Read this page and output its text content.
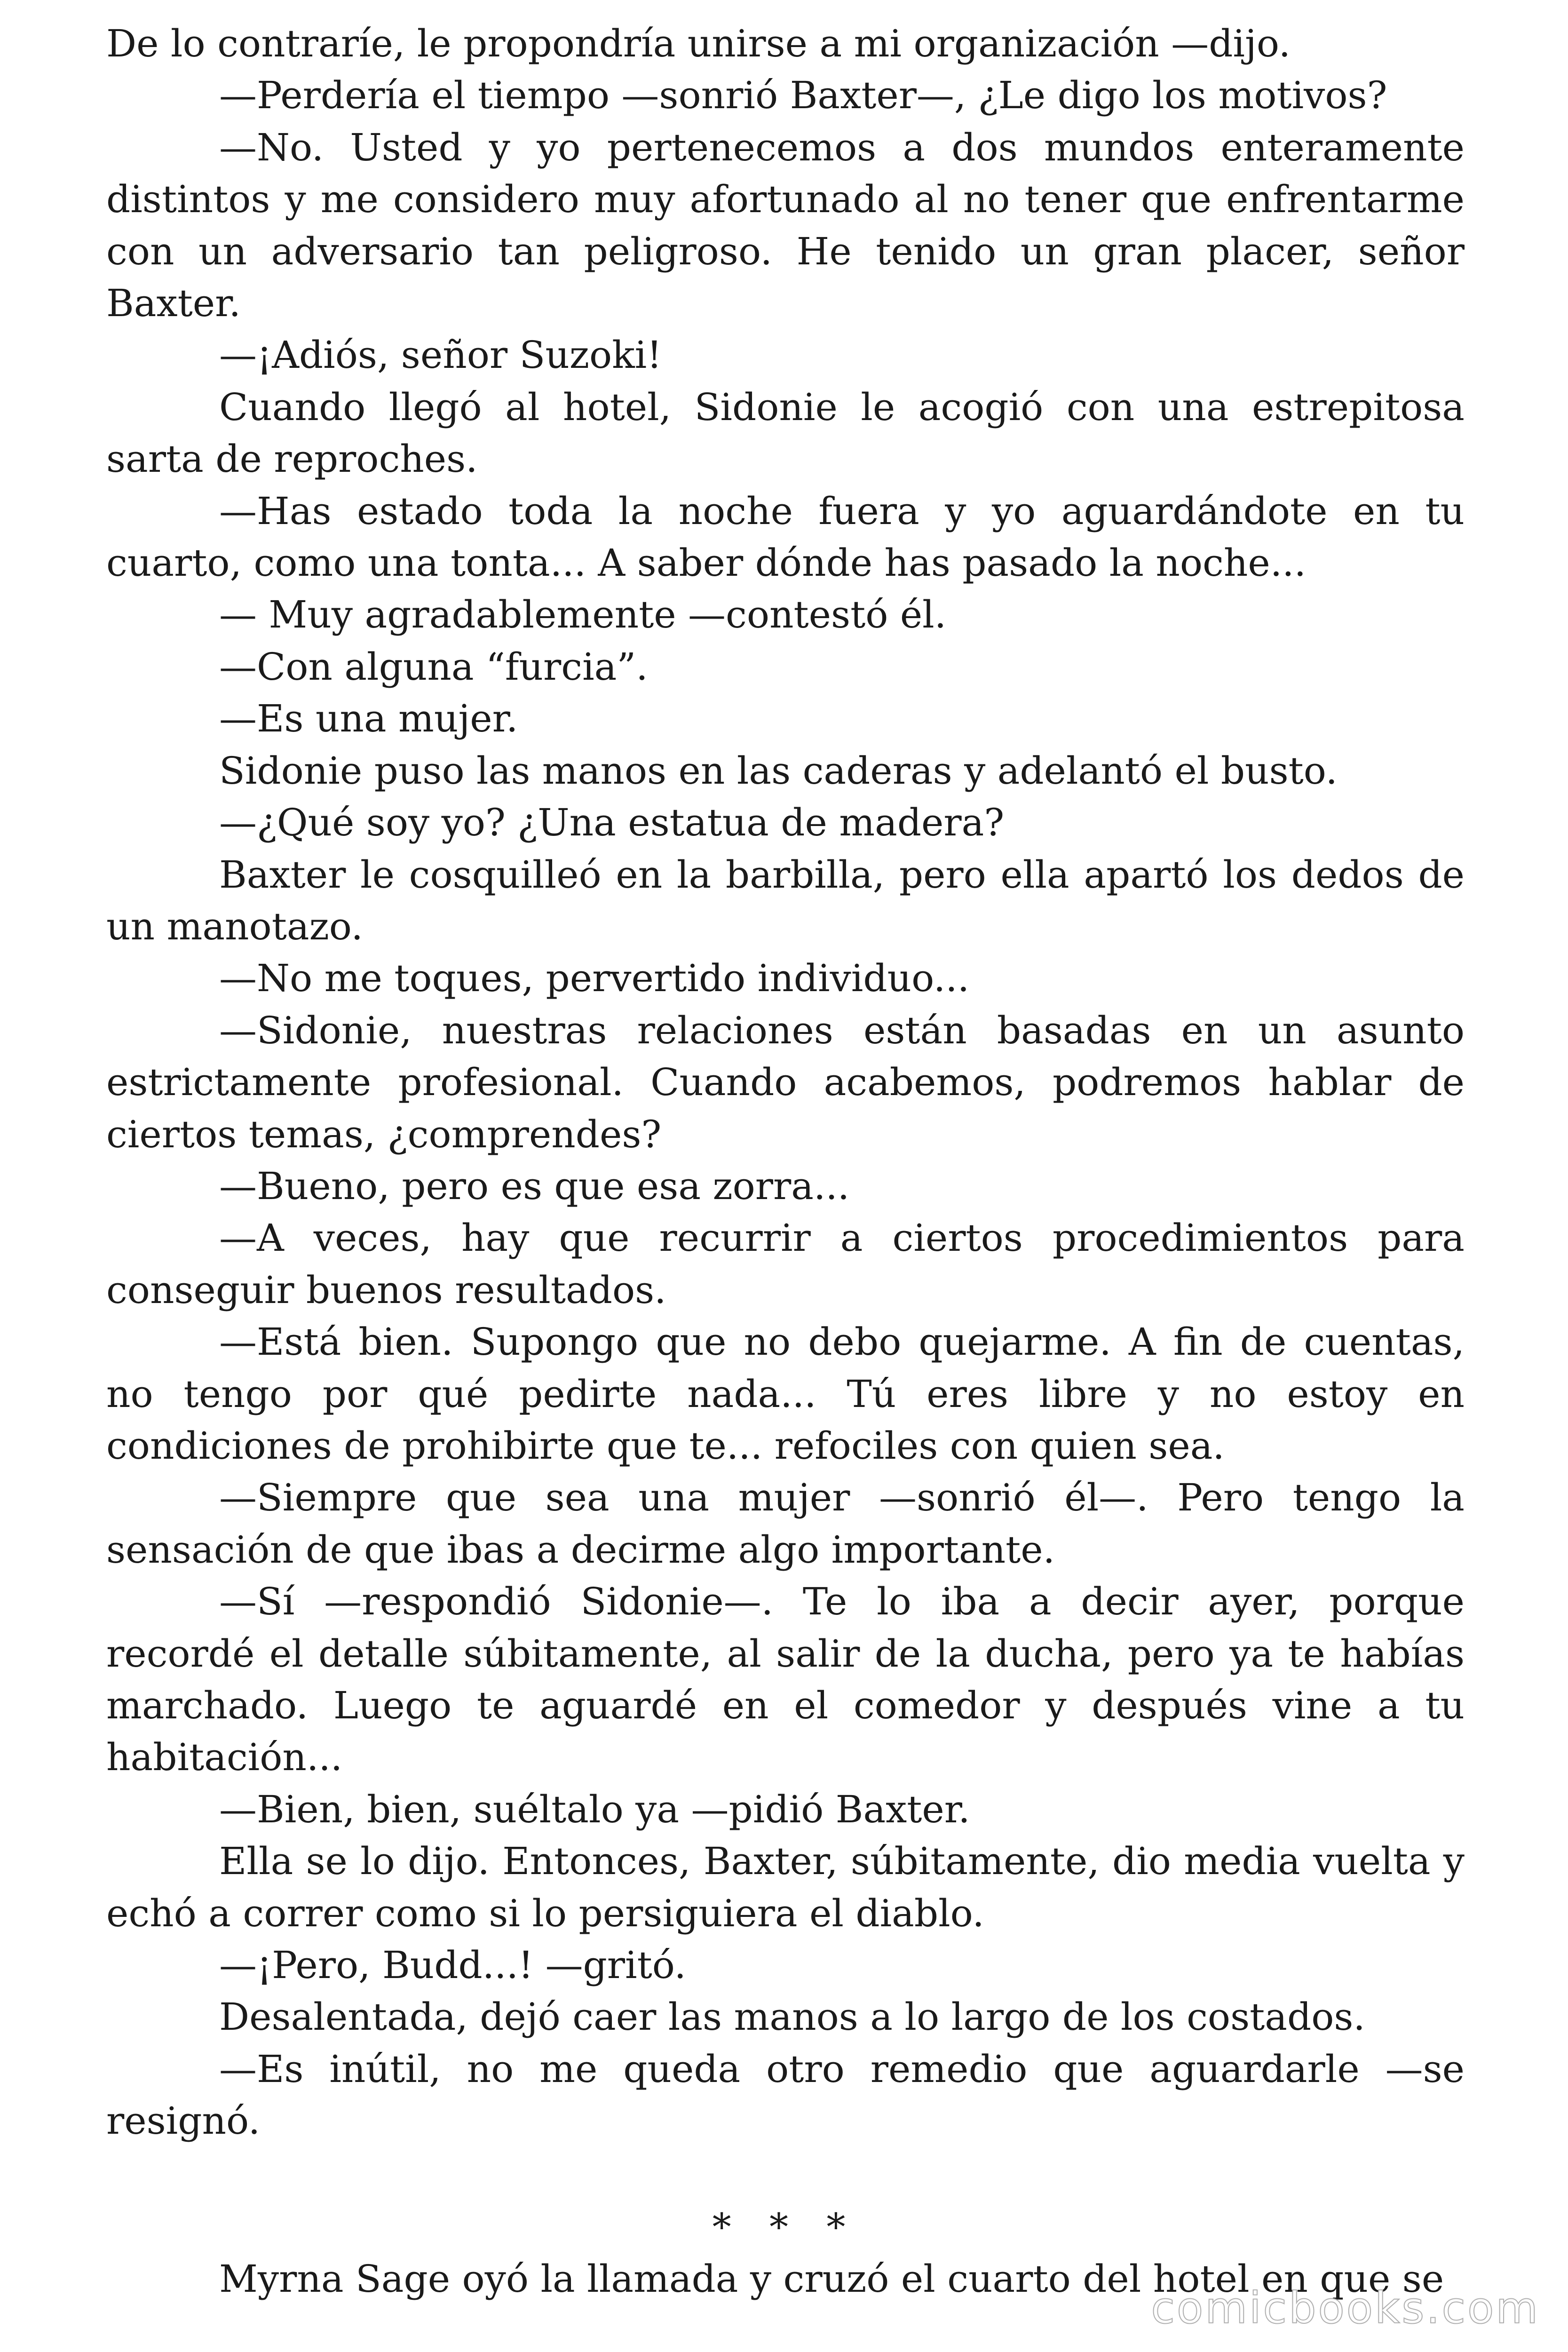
De lo contraríe, le propondría unirse a mi organización —dijo.

—Perdería el tiempo —sonrió Baxter—, ¿Le digo los motivos?

—No. Usted y yo pertenecemos a dos mundos enteramente distintos y me considero muy afortunado al no tener que enfrentarme con un adversario tan peligroso. He tenido un gran placer, señor Baxter.

—¡Adiós, señor Suzoki!

Cuando llegó al hotel, Sidonie le acogió con una estrepitosa sarta de reproches.

—Has estado toda la noche fuera y yo aguardándote en tu cuarto, como una tonta... A saber dónde has pasado la noche...

— Muy agradablemente —contestó él.

—Con alguna “furcia”.

—Es una mujer.

Sidonie puso las manos en las caderas y adelantó el busto.

—¿Qué soy yo? ¿Una estatua de madera?

Baxter le cosquilleó en la barbilla, pero ella apartó los dedos de un manotazo.

—No me toques, pervertido individuo...

—Sidonie, nuestras relaciones están basadas en un asunto estrictamente profesional. Cuando acabemos, podremos hablar de ciertos temas, ¿comprendes?

—Bueno, pero es que esa zorra...

—A veces, hay que recurrir a ciertos procedimientos para conseguir buenos resultados.

—Está bien. Supongo que no debo quejarme. A fin de cuentas, no tengo por qué pedirte nada... Tú eres libre y no estoy en condiciones de prohibirte que te... refociles con quien sea.

—Siempre que sea una mujer —sonrió él—. Pero tengo la sensación de que ibas a decirme algo importante.

—Sí —respondió Sidonie—. Te lo iba a decir ayer, porque recordé el detalle súbitamente, al salir de la ducha, pero ya te habías marchado. Luego te aguardé en el comedor y después vine a tu habitación...

—Bien, bien, suéltalo ya —pidió Baxter.

Ella se lo dijo. Entonces, Baxter, súbitamente, dio media vuelta y echó a correr como si lo persiguiera el diablo.

—¡Pero, Budd...! —gritó.

Desalentada, dejó caer las manos a lo largo de los costados.

—Es inútil, no me queda otro remedio que aguardarle —se resignó.

* * *

Myrna Sage oyó la llamada y cruzó el cuarto del hotel en que se

comicbooks.com
